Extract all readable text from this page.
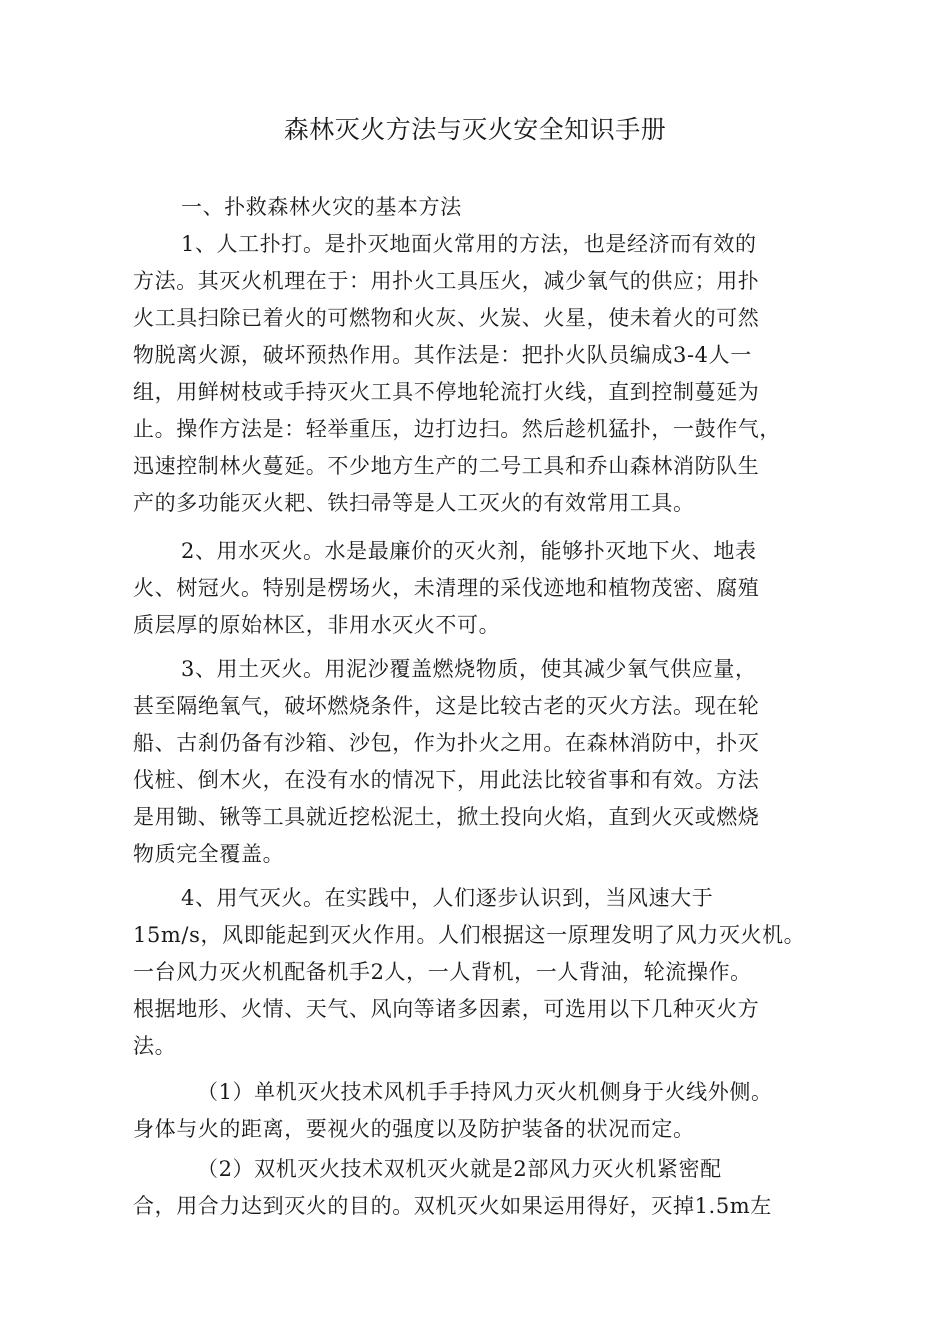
森林灭火方法与灭火安全知识手册
一、扑救森林火灾的基本方法
1、人工扑打。是扑灭地面火常用的方法，也是经济而有效的
方法。其灭火机理在于：用扑火工具压火，减少氧气的供应；用扑
火工具扫除已着火的可燃物和火灰、火炭、火星，使未着火的可然
物脱离火源，破坏预热作用。其作法是：把扑火队员编成3-4人一
组，用鲜树枝或手持灭火工具不停地轮流打火线，直到控制蔓延为
止。操作方法是：轻举重压，边打边扫。然后趁机猛扑，一鼓作气，
迅速控制林火蔓延。不少地方生产的二号工具和乔山森林消防队生
产的多功能灭火耙、铁扫帚等是人工灭火的有效常用工具。
2、用水灭火。水是最廉价的灭火剂，能够扑灭地下火、地表
火、树冠火。特别是楞场火，未清理的采伐迹地和植物茂密、腐殖
质层厚的原始林区，非用水灭火不可。
3、用土灭火。用泥沙覆盖燃烧物质，使其减少氧气供应量，
甚至隔绝氧气，破坏燃烧条件，这是比较古老的灭火方法。现在轮
船、古刹仍备有沙箱、沙包，作为扑火之用。在森林消防中，扑灭
伐桩、倒木火，在没有水的情况下，用此法比较省事和有效。方法
是用锄、锹等工具就近挖松泥土，掀土投向火焰，直到火灭或燃烧
物质完全覆盖。
4、用气灭火。在实践中，人们逐步认识到，当风速大于
15m/s，风即能起到灭火作用。人们根据这一原理发明了风力灭火机。
一台风力灭火机配备机手2人，一人背机，一人背油，轮流操作。
根据地形、火情、天气、风向等诸多因素，可选用以下几种灭火方
法。
（1）单机灭火技术风机手手持风力灭火机侧身于火线外侧。
身体与火的距离，要视火的强度以及防护装备的状况而定。
（2）双机灭火技术双机灭火就是2部风力灭火机紧密配
合，用合力达到灭火的目的。双机灭火如果运用得好，灭掉1.5m左
